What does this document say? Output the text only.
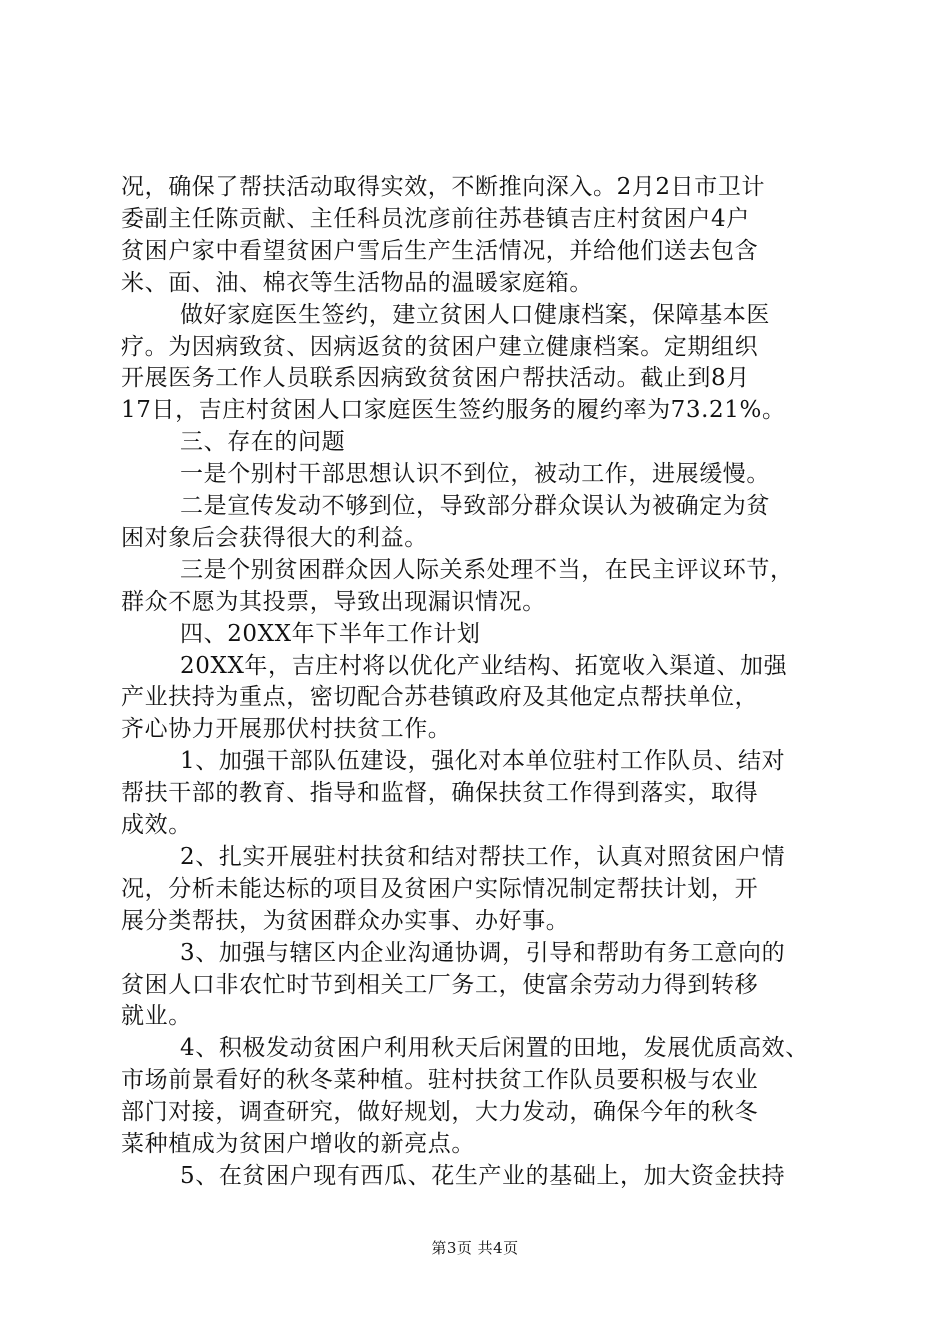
况，确保了帮扶活动取得实效，不断推向深入。2月2日市卫计
委副主任陈贡献、主任科员沈彦前往苏巷镇吉庄村贫困户4户
贫困户家中看望贫困户雪后生产生活情况，并给他们送去包含
米、面、油、棉衣等生活物品的温暖家庭箱。
做好家庭医生签约，建立贫困人口健康档案，保障基本医
疗。为因病致贫、因病返贫的贫困户建立健康档案。定期组织
开展医务工作人员联系因病致贫贫困户帮扶活动。截止到8月
17日，吉庄村贫困人口家庭医生签约服务的履约率为73.21%。
三、存在的问题
一是个别村干部思想认识不到位，被动工作，进展缓慢。
二是宣传发动不够到位，导致部分群众误认为被确定为贫
困对象后会获得很大的利益。
三是个别贫困群众因人际关系处理不当，在民主评议环节，
群众不愿为其投票，导致出现漏识情况。
四、20XX年下半年工作计划
20XX年，吉庄村将以优化产业结构、拓宽收入渠道、加强
产业扶持为重点，密切配合苏巷镇政府及其他定点帮扶单位，
齐心协力开展那伏村扶贫工作。
1、加强干部队伍建设，强化对本单位驻村工作队员、结对
帮扶干部的教育、指导和监督，确保扶贫工作得到落实，取得
成效。
2、扎实开展驻村扶贫和结对帮扶工作，认真对照贫困户情
况，分析未能达标的项目及贫困户实际情况制定帮扶计划，开
展分类帮扶，为贫困群众办实事、办好事。
3、加强与辖区内企业沟通协调，引导和帮助有务工意向的
贫困人口非农忙时节到相关工厂务工，使富余劳动力得到转移
就业。
4、积极发动贫困户利用秋天后闲置的田地，发展优质高效、
市场前景看好的秋冬菜种植。驻村扶贫工作队员要积极与农业
部门对接，调查研究，做好规划，大力发动，确保今年的秋冬
菜种植成为贫困户增收的新亮点。
5、在贫困户现有西瓜、花生产业的基础上，加大资金扶持
第3页 共4页
